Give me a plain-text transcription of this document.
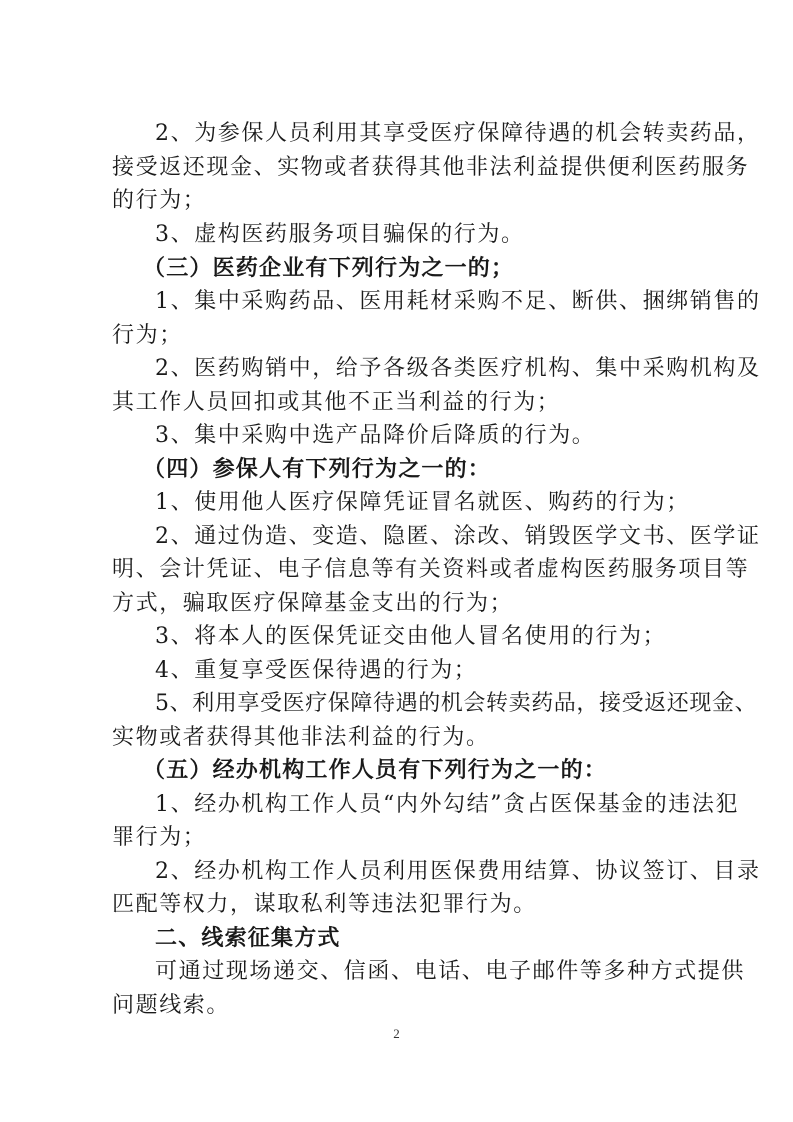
2、为参保人员利用其享受医疗保障待遇的机会转卖药品，
接受返还现金、实物或者获得其他非法利益提供便利医药服务
的行为；
3、虚构医药服务项目骗保的行为。
（三）医药企业有下列行为之一的；
1、集中采购药品、医用耗材采购不足、断供、捆绑销售的
行为；
2、医药购销中，给予各级各类医疗机构、集中采购机构及
其工作人员回扣或其他不正当利益的行为；
3、集中采购中选产品降价后降质的行为。
（四）参保人有下列行为之一的：
1、使用他人医疗保障凭证冒名就医、购药的行为；
2、通过伪造、变造、隐匿、涂改、销毁医学文书、医学证
明、会计凭证、电子信息等有关资料或者虚构医药服务项目等
方式，骗取医疗保障基金支出的行为；
3、将本人的医保凭证交由他人冒名使用的行为；
4、重复享受医保待遇的行为；
5、利用享受医疗保障待遇的机会转卖药品，接受返还现金、
实物或者获得其他非法利益的行为。
（五）经办机构工作人员有下列行为之一的：
1、经办机构工作人员“内外勾结”贪占医保基金的违法犯
罪行为；
2、经办机构工作人员利用医保费用结算、协议签订、目录
匹配等权力，谋取私利等违法犯罪行为。
二、线索征集方式
可通过现场递交、信函、电话、电子邮件等多种方式提供
问题线索。
2
